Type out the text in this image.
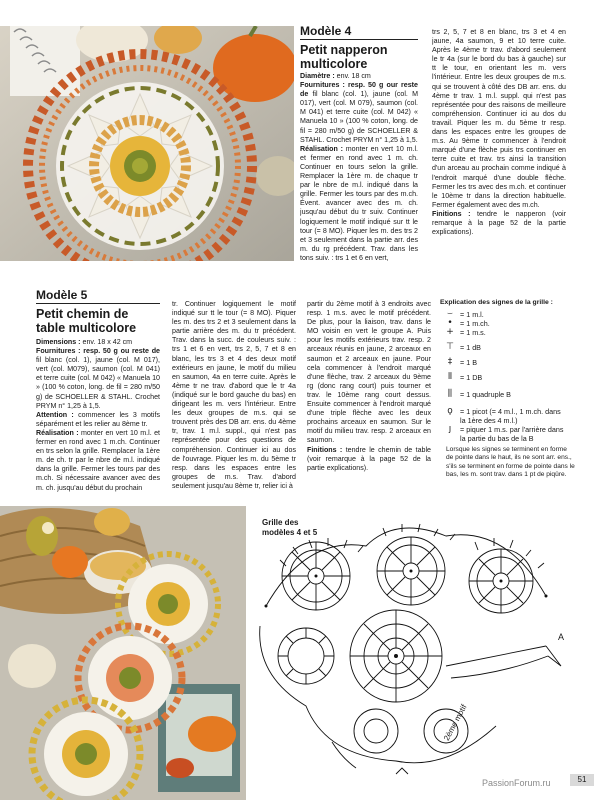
Modèle 4
Petit napperon multicolore

Diamètre : env. 18 cm

Fournitures : resp. 50 g our reste de fil blanc (col. 1), jaune (col. M 017), vert (col. M 079), saumon (col. M 041) et terre cuite (col. M 042) « Manuela 10 » (100 % coton, long. de fil = 280 m/50 g) de SCHOELLER & STAHL. Crochet PRYM n° 1,25 à 1,5.

Réalisation : monter en vert 10 m.l. et fermer en rond avec 1 m. ch. Continuer en tours selon la grille. Remplacer la 1ère m. de chaque tr par le nbre de m.l. indiqué dans la grille. Fermer les tours par des m.ch. Évent. avancer avec des m. ch. jusqu'au début du tr suiv. Continuer logiquement le motif indiqué sur tt le tour (= 8 MO). Piquer les m. des trs 2 et 3 seulement dans la partie arr. des m. du rg précédent. Trav. dans les tons suiv. : trs 1 et 6 en vert,

trs 2, 5, 7 et 8 en blanc, trs 3 et 4 en jaune, 4a saumon, 9 et 10 terre cuite. Après le 4ème tr trav. d'abord seulement le tr 4a (sur le bord du bas à gauche) sur tt le tour, en orientant les m. vers l'intérieur. Entre les deux groupes de m.s. qui se trouvent à côté des DB arr. ens. du 4ème tr trav. 1 m.l. suppl. qui n'est pas représentée pour des raisons de meilleure compréhension. Continuer ici au dos du travail. Piquer les m. du 5ème tr resp. dans les espaces entre les groupes de m.s. Au 9ème tr commencer à l'endroit marqué d'une flèche puis trs continuer en terre cuite et trav. trs ainsi la transition d'un arceau au prochain comme indiqué à l'endroit marqué d'une double flèche. Fermer les trs avec des m.ch. et continuer le 10ème tr dans la direction habituelle. Fermer également avec des m.ch.

Finitions : tendre le napperon (voir remarque à la page 52 de la partie explications).

Modèle 5
Petit chemin de table multicolore

Dimensions : env. 18 x 42 cm

Fournitures : resp. 50 g ou reste de fil blanc (col. 1), jaune (col. M 017), vert (col. M079), saumon (col. M 041) et terre cuite (col. M 042) « Manuela 10 » (100 % coton, long. de fil = 280 m/50 g) de SCHOELLER & STAHL. Crochet PRYM n° 1,25 à 1,5.

Attention : commencer les 3 motifs séparément et les relier au 8ème tr.

Réalisation : monter en vert 10 m.l. et fermer en rond avec 1 m.ch. Continuer en trs selon la grille. Remplacer la 1ère m. de ch. tr par le nbre de m.l. indiqué dans la grille. Fermer les tours par des m.ch. Si nécessaire avancer avec des m. ch. jusqu'au début du prochain

tr. Continuer logiquement le motif indiqué sur tt le tour (= 8 MO). Piquer les m. des trs 2 et 3 seulement dans la partie arrière des m. du tr précédent. Trav. dans la succ. de couleurs suiv. : trs 1 et 6 en vert, trs 2, 5, 7 et 8 en blanc, les trs 3 et 4 des deux motif extérieurs en jaune, le motif du milieu en saumon, 4a en terre cuite. Après le 4ème tr ne trav. d'abord que le tr 4a (indiqué sur le bord gauche du bas) en dirigeant les m. vers l'intérieur. Entre les deux groupes de m.s. qui se trouvent près des DB arr. ens. du 4ème tr, trav. 1 m.l. suppl., qui n'est pas représentée pour des questions de compréhension. Continuer ici au dos de l'ouvrage. Piquer les m. du 5ème tr resp. dans les espaces entre les groupes de m.s. Trav. d'abord seulement jusqu'au 8ème tr, relier ici à

partir du 2ème motif à 3 endroits avec resp. 1 m.s. avec le motif précédent. De plus, pour la liaison, trav. dans le MO voisin en vert le groupe A. Puis pour les motifs extérieurs trav. resp. 2 arceaux réunis en jaune, 2 arceaux en saumon et 2 arceaux en jaune. Pour cela commencer à l'endroit marqué d'une flèche, trav. 2 arceaux du 9ème rg (donc rang court) puis tourner et trav. le 10ème rang court dessus. Ensuite commencer à l'endroit marqué d'une triple flèche avec les deux prochains arceaux en saumon. Sur le motif du milieu trav. resp. 2 arceaux en saumon.

Finitions : tendre le chemin de table (voir remarque à la page 52 de la partie explications).

Explication des signes de la grille :
⌣ = 1 m.l.
•	= 1 m.ch.
+ = 1 m.s.
⊤ = 1 dB
‡	= 1 B
⫴	= 1 DB
⫼	= 1 quadruple B
ϙ	= 1 picot (= 4 m.l., 1 m.ch. dans la 1ère des 4 m.l.)
ȷ	= piquer 1 m.s. par l'arrière dans la partie du bas de la B
Lorsque les signes se terminent en forme de pointe dans le haut, ils ne sont arr. ens., s'ils se terminent en forme de pointe dans le bas, les m. sont trav. dans 1 pt de piqûre.
Grille des modèles 4 et 5
A
2ème motif
PassionForum.ru	51
